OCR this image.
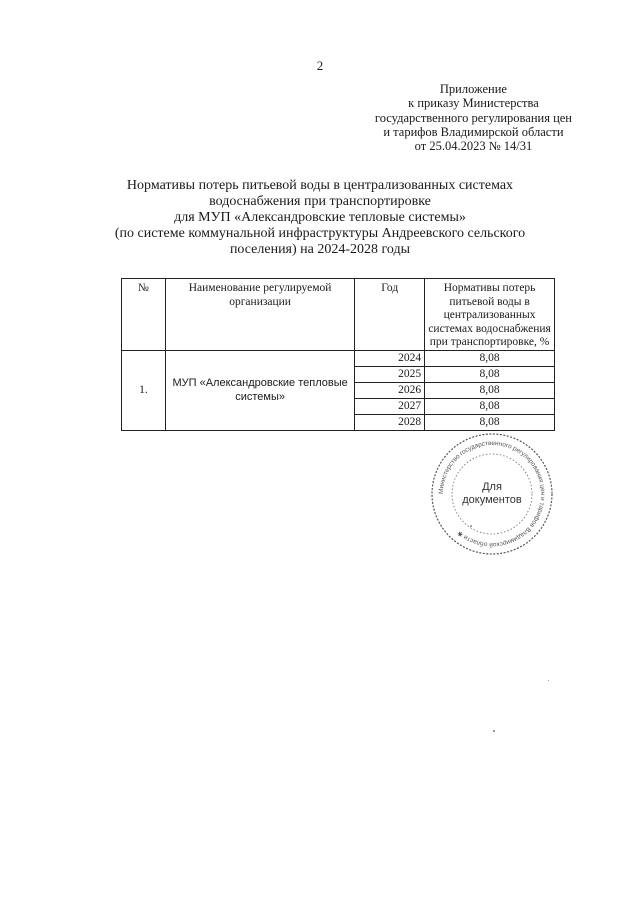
2
Приложение
к приказу Министерства
государственного регулирования цен
и тарифов Владимирской области
от 25.04.2023 № 14/31
Нормативы потерь питьевой воды в централизованных системах
водоснабжения при транспортировке
для МУП «Александровские тепловые системы»
(по системе коммунальной инфраструктуры Андреевского сельского
поселения) на 2024-2028 годы
№	Наименование регулируемой организации	Год	Нормативы потерь питьевой воды в централизованных системах водоснабжения при транспортировке, %
1.	МУП «Александровские тепловые системы»	2024	8,08
		2025	8,08
		2026	8,08
		2027	8,08
		2028	8,08
Министерство государственного регулирования цен и тарифов Владимирской области ✱
Для
документов
